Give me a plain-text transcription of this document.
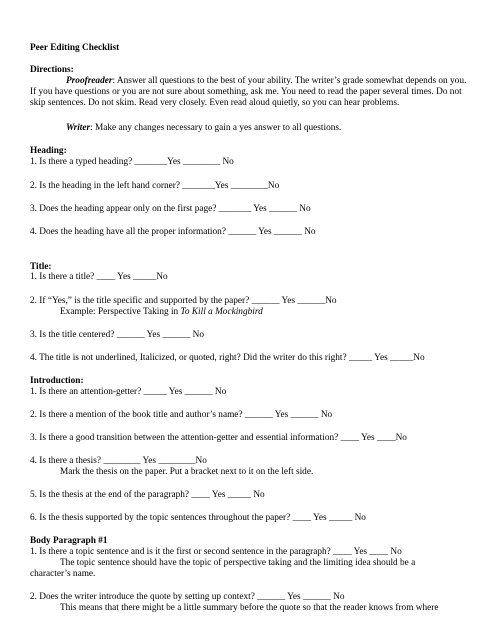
Peer Editing Checklist
Directions:
Proofreader: Answer all questions to the best of your ability. The writer’s grade somewhat depends on you. If you have questions or you are not sure about something, ask me. You need to read the paper several times. Do not skip sentences. Do not skim. Read very closely. Even read aloud quietly, so you can hear problems.
Writer: Make any changes necessary to gain a yes answer to all questions.
Heading:
1. Is there a typed heading? _______Yes ________ No
2. Is the heading in the left hand corner? _______Yes ________No
3. Does the heading appear only on the first page? _______ Yes ______ No
4. Does the heading have all the proper information? ______ Yes ______ No
Title:
1. Is there a title? ____ Yes _____No
2. If “Yes,” is the title specific and supported by the paper? ______ Yes ______No
Example: Perspective Taking in To Kill a Mockingbird
3. Is the title centered? ______ Yes ______ No
4. The title is not underlined, Italicized, or quoted, right? Did the writer do this right? _____ Yes _____No
Introduction:
1. Is there an attention-getter? _____ Yes ______ No
2. Is there a mention of the book title and author’s name? ______ Yes ______ No
3. Is there a good transition between the attention-getter and essential information? ____ Yes ____No
4. Is there a thesis? ________ Yes ________No
Mark the thesis on the paper. Put a bracket next to it on the left side.
5. Is the thesis at the end of the paragraph? ____ Yes _____ No
6. Is the thesis supported by the topic sentences throughout the paper? ____ Yes _____ No
Body Paragraph #1
1. Is there a topic sentence and is it the first or second sentence in the paragraph? ____ Yes ____ No
The topic sentence should have the topic of perspective taking and the limiting idea should be a
character’s name.
2. Does the writer introduce the quote by setting up context? ______ Yes ______ No
This means that there might be a little summary before the quote so that the reader knows from where
